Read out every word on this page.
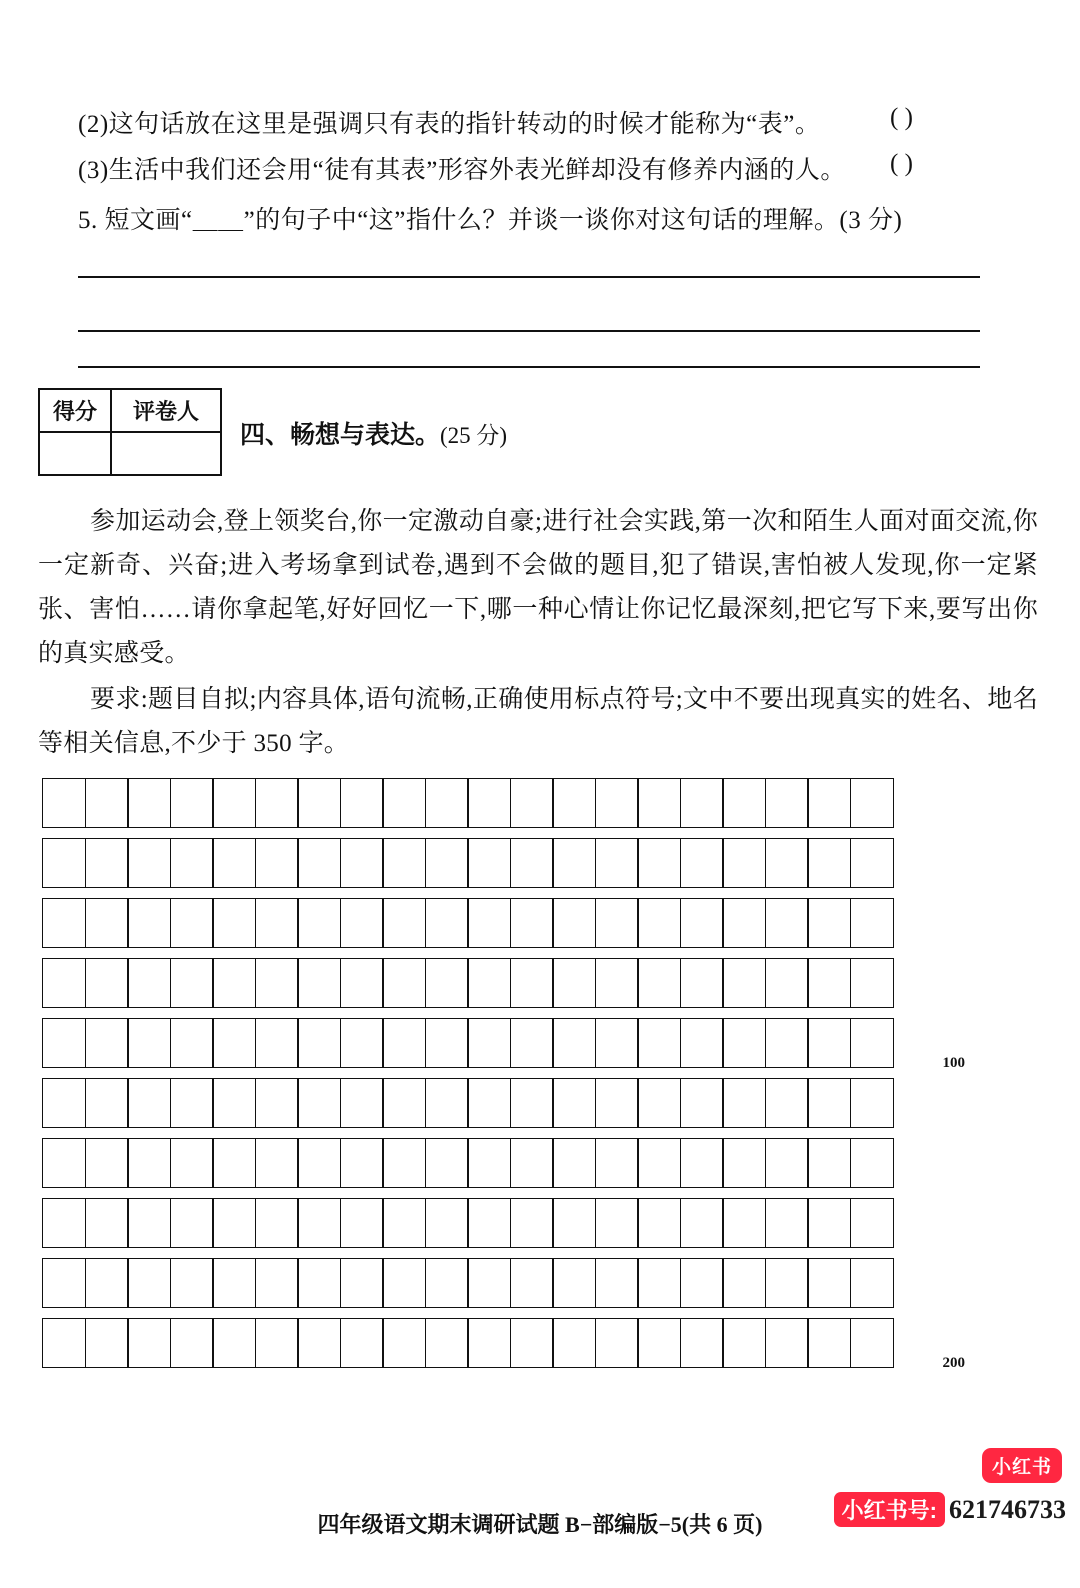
(2)这句话放在这里是强调只有表的指针转动的时候才能称为“表”。	( )
(3)生活中我们还会用“徒有其表”形容外表光鲜却没有修养内涵的人。 ( )
5. 短文画“＿＿”的句子中“这”指什么？并谈一谈你对这句话的理解。(3 分)
得分	评卷人
四、畅想与表达。(25 分)
参加运动会,登上领奖台,你一定激动自豪;进行社会实践,第一次和陌生人面对面交流,你一定新奇、兴奋;进入考场拿到试卷,遇到不会做的题目,犯了错误,害怕被人发现,你一定紧张、害怕……请你拿起笔,好好回忆一下,哪一种心情让你记忆最深刻,把它写下来,要写出你的真实感受。
要求:题目自拟;内容具体,语句流畅,正确使用标点符号;文中不要出现真实的姓名、地名等相关信息,不少于 350 字。
100
200
四年级语文期末调研试题 B−部编版−5(共 6 页)
小红书
小红书号: 621746733
